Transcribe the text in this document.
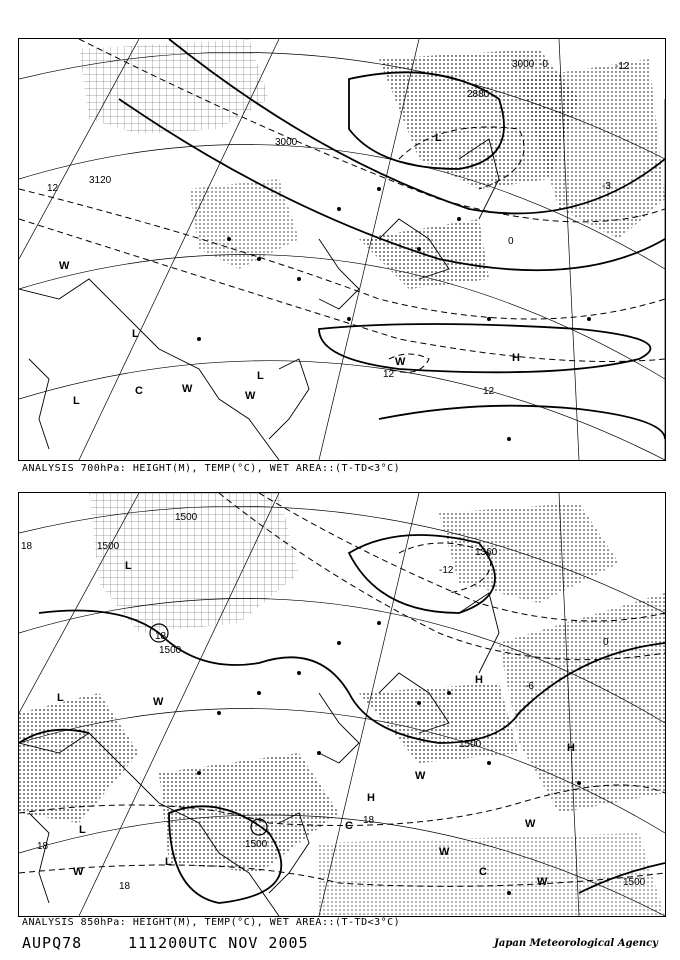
3000
3000
3120
2880
12
12
12
-12
0
-0
-3
L
L
L
L
H
W
W
W
W
C
ANALYSIS 700hPa: HEIGHT(M), TEMP(°C), WET AREA::(T-TD<3°C)
1500
1500
1500
1500
1500
1500
1360
18
18
18
18
18
-6
-12
0
L
L
L
L
H
H
H
W
W
W
W
W
W
C
C
ANALYSIS 850hPa: HEIGHT(M), TEMP(°C), WET AREA::(T-TD<3°C)
AUPQ78	111200UTC NOV 2005	Japan Meteorological Agency
